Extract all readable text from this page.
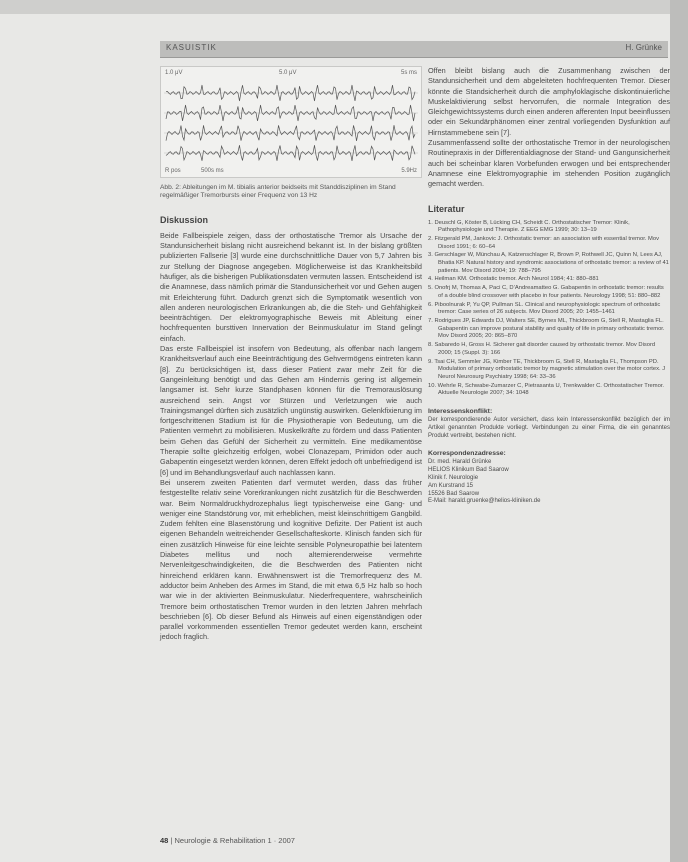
KASUISTIK	H. Grünke
1.0 μV	5.0 μV	5s ms
R pos	500s ms	5.9Hz
Abb. 2: Ableitungen im M. tibialis anterior beidseits mit Standdisziplinen im Stand regelmäßiger Tremorbursts einer Frequenz von 13 Hz
Diskussion

Beide Fallbeispiele zeigen, dass der orthostatische Tremor als Ursache der Standunsicherheit bislang nicht ausreichend bekannt ist. In der bislang größten publizierten Fallserie [3] wurde eine durchschnittliche Dauer von 5,7 Jahren bis zur Stellung der Diagnose angegeben. Möglicherweise ist das Krankheitsbild häufiger, als die bisherigen Publikationsdaten vermuten lassen. Entscheidend ist die Anamnese, dass nämlich primär die Standunsicherheit vor und Gehen augen mit Erleichterung führt. Dadurch grenzt sich die Symptomatik wesentlich von allen anderen neurologischen Erkrankungen ab, die die Steh- und Gehfähigkeit beeinträchtigen. Der elektromyographische Beweis mit Ableitung einer hochfrequenten bursttiven Innervation der Beinmuskulatur im Stand gelingt einfach.

Das erste Fallbeispiel ist insofern von Bedeutung, als offenbar nach langem Krankheitsverlauf auch eine Beeinträchtigung des Gehvermögens eintreten kann [8]. Zu berücksichtigen ist, dass dieser Patient zwar mehr Zeit für die Gangeinleitung benötigt und das Gehen am Hindernis gering ist allgemein langsamer ist. Sehr kurze Standphasen können für die Tremorauslösung ausreichend sein. Angst vor Stürzen und Verletzungen wie auch Trainingsmangel dürften sich zusätzlich ungünstig auswirken. Gelenkfixierung im fortgeschrittenen Stadium ist für die Physiotherapie von Bedeutung, um die Patienten vermehrt zu mobilisieren. Muskelkräfte zu fördern und dass Patienten beim Gehen das Gefühl der Sicherheit zu vermitteln. Eine medikamentöse Therapie sollte gleichzeitig erfolgen, wobei Clonazepam, Primidon oder auch Gabapentin eingesetzt werden können, deren Effekt jedoch oft unbefriedigend ist [6] und im Behandlungsverlauf auch nachlassen kann.

Bei unserem zweiten Patienten darf vermutet werden, dass das früher festgestellte relativ seine Vorerkrankungen nicht zusätzlich für die Beschwerden war. Beim Normaldruckhydrozephalus liegt typischerweise eine Gang- und weniger eine Standstörung vor, mit erheblichen, meist kleinschrittigem Gangbild. Zudem fehlten eine Blasenstörung und kognitive Defizite. Der Patient ist auch eigenen Behandeln weitreichender Gesellschafteskorte. Klinisch fanden sich für einen zusätzlich Hinweise für eine leichte sensible Polyneuropathie bei latentem Diabetes mellitus und noch alternierenderweise vermehrte Nervenleitgeschwindigkeiten, die die Beschwerden des Patienten nicht hinreichend erklären kann. Erwähnenswert ist die Tremorfrequenz des M. adductor beim Anheben des Armes im Stand, die mit etwa 6,5 Hz halb so hoch war wie in der aktivierten Beinmuskulatur. Niederfrequentere, wahrscheinlich Tremore beim orthostatischen Tremor wurden in den letzten Jahren mehrfach beschrieben [6]. Ob dieser Befund als Hinweis auf einen eigenständigen oder parallel vorkommenden essentiellen Tremor gedeutet werden kann, erscheint jedoch fraglich.

Offen bleibt bislang auch die Zusammenhang zwischen der Standunsicherheit und dem abgeleiteten hochfrequenten Tremor. Dieser könnte die Standsicherheit durch die amphyloklagische diskontinuierliche Muskelaktivierung selbst hervorrufen, die normale Integration des Gleichgewichtssystems durch einen anderen afferenten Input beeinflussen oder ein Sekundärphänomen einer zentral vorliegenden Dysfunktion auf Hirnstammebene sein [7].

Zusammenfassend sollte der orthostatische Tremor in der neurologischen Routinepraxis in der Differentialdiagnose der Stand- und Gangunsicherheit auch bei scheinbar klaren Vorbefunden erwogen und bei entsprechender Anamnese eine Elektromyographie im stehenden Position zugänglich gemacht werden.

Literatur
1. Deuschl G, Köster B, Lücking CH, Scheidt C. Orthostatischer Tremor: Klinik, Pathophysiologie und Therapie. Z EEG EMG 1999; 30: 13–19
2. Fitzgerald PM, Jankovic J. Orthostatic tremor: an association with essential tremor. Mov Disord 1991; 6: 60–64
3. Gerschlager W, Münchau A, Katzenschlager R, Brown P, Rothwell JC, Quinn N, Lees AJ, Bhatia KP. Natural history and syndromic associations of orthostatic tremor: a review of 41 patients. Mov Disord 2004; 19: 788–795
4. Heilman KM. Orthostatic tremor. Arch Neurol 1984; 41: 880–881
5. Onofrj M, Thomas A, Paci C, D’Andreamatteo G. Gabapentin in orthostatic tremor: results of a double blind crossover with placebo in four patients. Neurology 1998; 51: 880–882
6. Piboolnurak P, Yu QP, Pullman SL. Clinical and neurophysiologic spectrum of orthostatic tremor: Case series of 26 subjects. Mov Disord 2005; 20: 1455–1461
7. Rodrigues JP, Edwards DJ, Walters SE, Byrnes ML, Thickbroom G, Stell R, Mastaglia FL. Gabapentin can improve postural stability and quality of life in primary orthostatic tremor. Mov Disord 2005; 20: 865–870
8. Sabaredo H, Gross H. Sicherer gait disorder caused by orthostatic tremor. Mov Disord 2000; 15 (Suppl. 3): 166
9. Tsai CH, Semmler JG, Kimber TE, Thickbroom G, Stell R, Mastaglia FL, Thompson PD. Modulation of primary orthostatic tremor by magnetic stimulation over the motor cortex. J Neurol Neurosurg Psychiatry 1998; 64: 33–36
10. Wehrle R, Schwabe-Zumarzer C, Pietrasanta U, Trenkwalder C. Orthostatischer Tremor. Aktuelle Neurologie 2007; 34: 1048
Interessenskonflikt:

Der korrespondierende Autor versichert, dass kein Interessenskonflikt bezüglich der im Artikel genannten Produkte vorliegt. Verbindungen zu einer Firma, die ein genanntes Produkt vertreibt, bestehen nicht.

Korrespondenzadresse:
Dr. med. Harald Grünke
HELIOS Klinikum Bad Saarow
Klinik f. Neurologie
Am Kurstrand 15
15526 Bad Saarow
E-Mail: harald.gruenke@helios-kliniken.de
48 | Neurologie & Rehabilitation 1 · 2007
